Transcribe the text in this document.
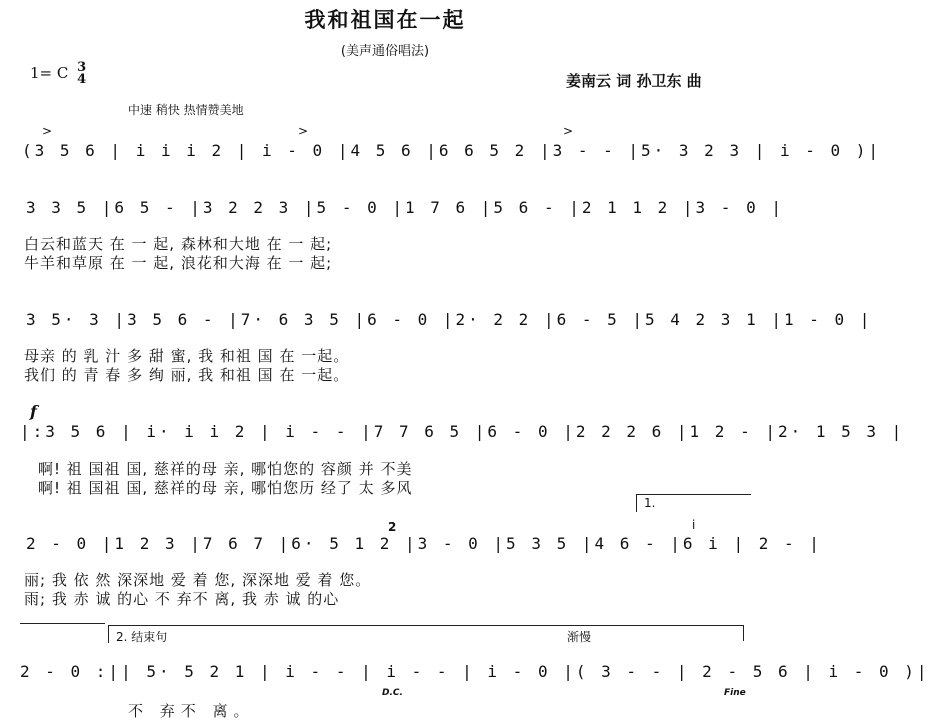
我和祖国在一起
(美声通俗唱法)
1= C 3
4	姜南云 词 孙卫东 曲
中速 稍快 热情赞美地
>	>	>
(3 5 6 | i i i 2 | i - 0 |4 5 6 |6 6 5 2 |3 - - |5· 3 2 3 | i - 0 )|
3 3 5 |6 5 - |3 2 2 3 |5 - 0 |1 7 6 |5 6 - |2 1 1 2 |3 - 0 |
白云和蓝天 在 一 起, 森林和大地 在 一 起;
牛羊和草原 在 一 起, 浪花和大海 在 一 起;
3 5· 3 |3 5 6 - |7· 6 3 5 |6 - 0 |2· 2 2 |6 - 5 |5 4 2 3 1 |1 - 0 |
母亲 的 乳 汁 多 甜 蜜, 我 和祖 国 在 一起。
我们 的 青 春 多 绚 丽, 我 和祖 国 在 一起。
f
|:3 5 6 | i· i i 2 | i - - |7 7 6 5 |6 - 0 |2 2 2 6 |1 2 - |2· 1 5 3 |
啊! 祖 国祖 国, 慈祥的母 亲, 哪怕您的 容颜 并 不美
啊! 祖 国祖 国, 慈祥的母 亲, 哪怕您历 经了 太 多风
1.
2	i
2 - 0 |1 2 3 |7 6 7 |6· 5 1 2 |3 - 0 |5 3 5 |4 6 - |6 i | 2 - |
丽; 我 依 然 深深地 爱 着 您, 深深地 爱 着 您。
雨; 我 赤 诚 的心 不 弃不 离, 我 赤 诚 的心
2. 结束句	渐慢
2 - 0 :|| 5· 5 2 1 | i - - | i - - | i - 0 |( 3 - - | 2 - 5 6 | i - 0 )|
D.C.	Fine
不 弃不 离。
